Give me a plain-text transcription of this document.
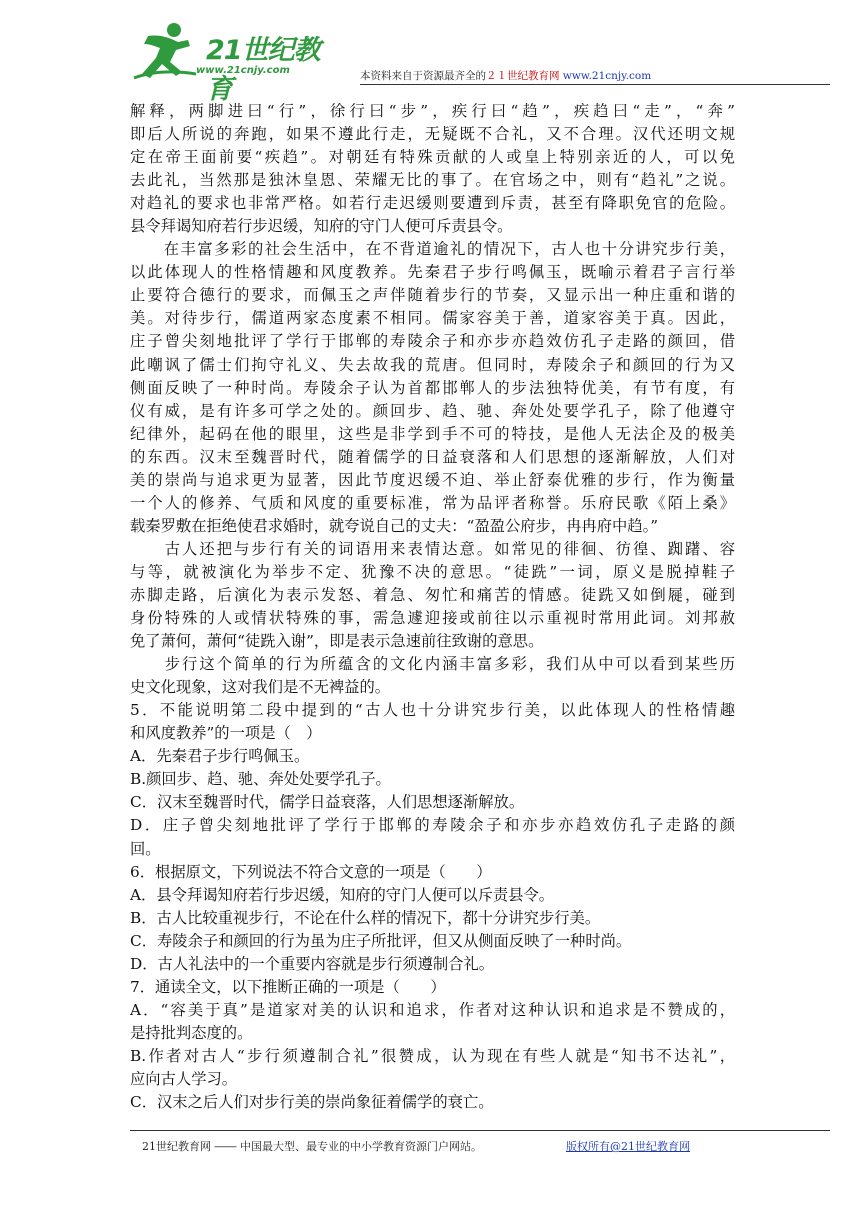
21世纪教育
www.21cnjy.com	本资料来自于资源最齐全的２１世纪教育网 www.21cnjy.com
解释，两脚进曰“行”，徐行曰“步”，疾行曰“趋”，疾趋曰“走”，“奔”
即后人所说的奔跑，如果不遵此行走，无疑既不合礼，又不合理。汉代还明文规
定在帝王面前要“疾趋”。对朝廷有特殊贡献的人或皇上特别亲近的人，可以免
去此礼，当然那是独沐皇恩、荣耀无比的事了。在官场之中，则有“趋礼”之说。
对趋礼的要求也非常严格。如若行走迟缓则要遭到斥责，甚至有降职免官的危险。
县令拜谒知府若行步迟缓，知府的守门人便可斥责县令。
　　在丰富多彩的社会生活中，在不背道逾礼的情况下，古人也十分讲究步行美，
以此体现人的性格情趣和风度教养。先秦君子步行鸣佩玉，既喻示着君子言行举
止要符合德行的要求，而佩玉之声伴随着步行的节奏，又显示出一种庄重和谐的
美。对待步行，儒道两家态度素不相同。儒家容美于善，道家容美于真。因此，
庄子曾尖刻地批评了学行于邯郸的寿陵余子和亦步亦趋效仿孔子走路的颜回，借
此嘲讽了儒士们拘守礼义、失去故我的荒唐。但同时，寿陵余子和颜回的行为又
侧面反映了一种时尚。寿陵余子认为首都邯郸人的步法独特优美，有节有度，有
仪有威，是有许多可学之处的。颜回步、趋、驰、奔处处要学孔子，除了他遵守
纪律外，起码在他的眼里，这些是非学到手不可的特技，是他人无法企及的极美
的东西。汉末至魏晋时代，随着儒学的日益衰落和人们思想的逐渐解放，人们对
美的崇尚与追求更为显著，因此节度迟缓不迫、举止舒泰优雅的步行，作为衡量
一个人的修养、气质和风度的重要标准，常为品评者称誉。乐府民歌《陌上桑》
载秦罗敷在拒绝使君求婚时，就夸说自己的丈夫：“盈盈公府步，冉冉府中趋。”
　　古人还把与步行有关的词语用来表情达意。如常见的徘徊、彷徨、踟躇、容
与等，就被演化为举步不定、犹豫不决的意思。“徒跣”一词，原义是脱掉鞋子
赤脚走路，后演化为表示发怒、着急、匆忙和痛苦的情感。徒跣又如倒屣，碰到
身份特殊的人或情状特殊的事，需急遽迎接或前往以示重视时常用此词。刘邦赦
免了萧何，萧何“徒跣入谢”，即是表示急速前往致谢的意思。
　　步行这个简单的行为所蕴含的文化内涵丰富多彩，我们从中可以看到某些历
史文化现象，这对我们是不无裨益的。
5．不能说明第二段中提到的“古人也十分讲究步行美，以此体现人的性格情趣
和风度教养”的一项是（　）
A．先秦君子步行鸣佩玉。
B.颜回步、趋、驰、奔处处要学孔子。
C．汉末至魏晋时代，儒学日益衰落，人们思想逐渐解放。
D．庄子曾尖刻地批评了学行于邯郸的寿陵余子和亦步亦趋效仿孔子走路的颜
回。
6．根据原文，下列说法不符合文意的一项是（　　）
A．县令拜谒知府若行步迟缓，知府的守门人便可以斥责县令。
B．古人比较重视步行，不论在什么样的情况下，都十分讲究步行美。
C．寿陵余子和颜回的行为虽为庄子所批评，但又从侧面反映了一种时尚。
D．古人礼法中的一个重要内容就是步行须遵制合礼。
7．通读全文，以下推断正确的一项是（　　）
A．“容美于真”是道家对美的认识和追求，作者对这种认识和追求是不赞成的，
是持批判态度的。
B.作者对古人“步行须遵制合礼”很赞成，认为现在有些人就是“知书不达礼”，
应向古人学习。
C．汉末之后人们对步行美的崇尚象征着儒学的衰亡。
21世纪教育网 ―― 中国最大型、最专业的中小学教育资源门户网站。	版权所有@21世纪教育网
